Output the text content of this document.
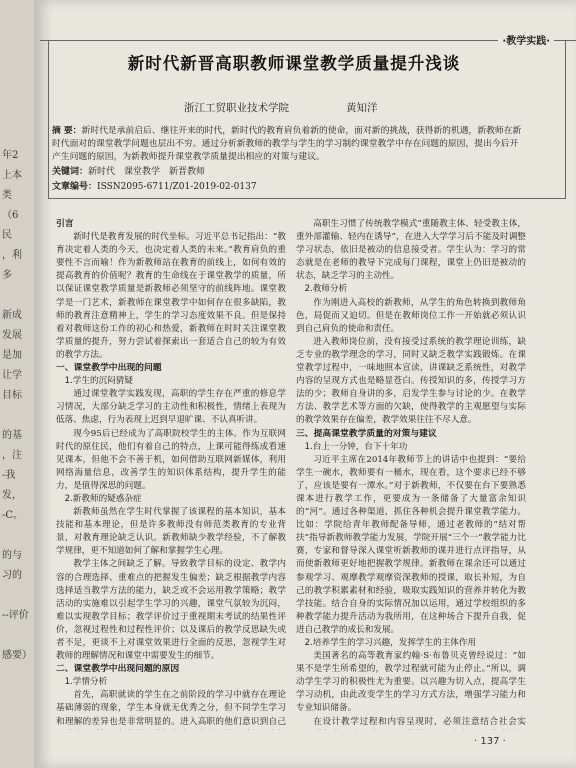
年2
上本
类
（6
民
，利
多
新成
发展
是加
让学
目标
的基
，注
-我
发，
-C。
的与
习的
--评价
感要）
·教学实践·
新时代新晋高职教师课堂教学质量提升浅谈
浙江工贸职业技术学院	黄知洋
摘 要：新时代是承前启后、继往开来的时代，新时代的教育肩负着新的使命，面对新的挑战，获得新的机遇，新教师在新时代面对的课堂教学问题也层出不穷。通过分析新教师的教学与学生的学习制约课堂教学中存在问题的原因，提出今后开产生问题的原因，为新教师提升课堂教学质量提出相应的对策与建议。
关键词：新时代　课堂教学　新晋教师
文章编号：ISSN2095-6711/Z01-2019-02-0137
引言

新时代是教育发展的时代坐标。习近平总书记指出：“教育决定着人类的今天，也决定着人类的未来。”教育肩负的重要性不言而喻！作为新教师站在教育的前线上，如何有效的提高教育的价值呢？教育的生命线在于课堂教学的质量，所以保证课堂教学质量是新教师必须坚守的前线阵地。课堂教学是一门艺术，新教师在课堂教学中如何存在很多缺陷，教师的教育注意精神上，学生的学习态度效果不良。但是保持着对教师这份工作的初心和热爱，新教师在时时关注课堂教学质量的提升，努力尝试着探索出一套适合自己的较为有效的教学方法。

一、课堂教学中出现的问题
1.学生的沉闷猜疑

通过课堂教学实践发现，高职的学生存在严重的修息学习情况，大部分缺乏学习的主动性和积极性，情绪上表现为低落、焦虑，行为表现上迟到早退旷课、不认真听讲。

现今95后已经成为了高职院校学生的主体。作为互联网时代的原住民，他们有着自己的特点，上课可能得练成看速见课本，但他不会不善于机，如何借助互联网新媒体，利用网络海量信息，改善学生的知识体系结构，提升学生的能力，是值得深思的问题。

2.新教师的疑惑杂症

新教师虽然在学生时代掌握了该课程的基本知识，基本技能和基本理论，但是许多教师没有师范类教育的专业背景，对教育理论缺乏认识。新教师缺少教学经验，不了解教学规律，更不知道如何了解和掌握学生心理。

教学主体之间缺乏了解。导致教学目标的设定、教学内容的合理选择、重难点的把握发生偏差；缺乏根据教学内容选择适当教学方法的能力，缺乏或不会运用教学策略；教学活动的实施难以引起学生学习的兴趣，课堂气氛较为沉闷，难以实现教学目标；教学评价过于重视期末考试的结果性评价，忽视过程性和过程性评价；以及课后的教学反思缺失或者不足，更谈不上对课堂效果进行全面的反思，忽视学生对教师的理解情况和课堂中需要发生的细节。

二、课堂教学中出现问题的原因
1.学情分析

首先，高职就读的学生在之前阶段的学习中就存在理论基础薄弱的现象，学生本身就无优秀之分，但不同学生学习和理解的差异也是非常明显的。进入高职的他们意识到自己

高职生习惯了传统教学模式“重随教主体、轻受教主体，重外部灌输、轻内在诱导”，在进入大学学习后不能及时调整学习状态，依旧是被动的信息接受者。学生认为：学习的常态就是在老师的教导下完成每门课程，课堂上仍旧是被动的状态，缺乏学习的主动性。

2.教师分析

作为刚进入高校的新教师，从学生的角色转换到教师角色，局促而又迫切。但是在教师岗位工作一开始就必须认识到自己肩负的使命和责任。

进入教师岗位前，没有接受过系统的教学理论训练，缺乏专业的教学理念的学习，同时又缺乏教学实践锻炼。在课堂教学过程中，一味地照本宣读，讲课缺乏系统性，对教学内容的呈现方式也是略显苍白。传授知识的多，传授学习方法的少；教师自身讲的多，启发学生参与讨论的少。在教学方法、教学艺术等方面的欠缺，使得教学的主观愿望与实际的教学效果存在偏差，教学效果往往不尽人意。

三、提高课堂教学质量的对策与建议
1.台上一分钟，台下十年功

习近平主席在2014年教师节上的讲话中也提到：“要给学生一碗水，教师要有一桶水，现在看，这个要求已经不够了，应该是要有一潭水。”对于新教师，不仅要在台下要熟悉课本进行教学工作，更要成为一条储备了大量富余知识的“河”。通过各种渠道，抓住各种机会提升课堂教学能力。比如：学院给青年教师配备导师，通过老教师的“结对帮扶”指导新教师教学能力发展，学院开展“三个一”教学能力比赛，专家和督导深入课堂听新教师的课并进行点评指导，从而使新教师更好地把握教学规律。新教师在课余还可以通过参观学习、观摩教学观摩资深教师的授课，取长补短，为自己的教学积累素材和经验，吸取实践知识的营养并转化为教学技能。结合自身的实际情况加以运用，通过学校组织的多种教学能力提升活动为我所用，在这种场合下提升自我，促进自己教学的成长和发展。

2.培养学生的学习兴趣，发挥学生的主体作用

美国著名的高等教育家约翰·S·布鲁贝克曾经说过：“如果不是学生所希望的，教学过程就可能为止停止。”所以，调动学生学习的积极性尤为重要。以兴趣为切入点，提高学生学习动机，由此改变学生的学习方式方法，增强学习能力和专业知识储备。

在设计教学过程和内容呈现时，必须注意结合社会实

· 137 ·
